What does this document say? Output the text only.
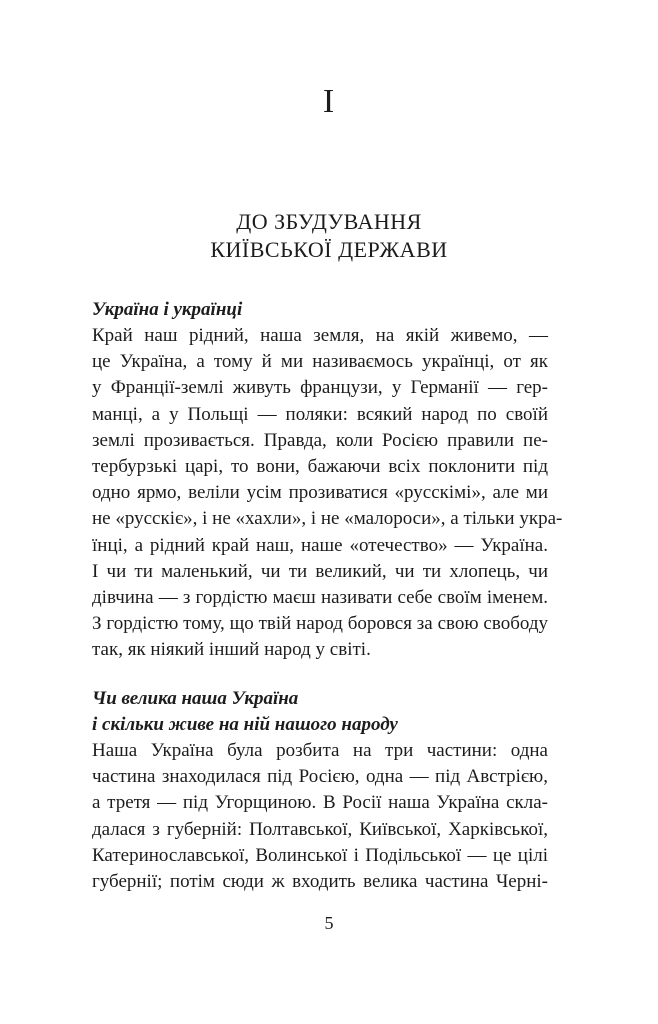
I
ДО ЗБУДУВАННЯ
КИЇВСЬКОЇ ДЕРЖАВИ
Україна і українці
Край наш рідний, наша земля, на якій живемо, —
це Україна, а тому й ми називаємось українці, от як
у Франції-землі живуть французи, у Германії — гер-
манці, а у Польщі — поляки: всякий народ по своїй
землі прозивається. Правда, коли Росією правили пе-
тербурзькі царі, то вони, бажаючи всіх поклонити під
одно ярмо, веліли усім прозиватися «русскімі», але ми
не «русскіє», і не «хахли», і не «малороси», а тільки укра-
їнці, а рідний край наш, наше «отечество» — Україна.
І чи ти маленький, чи ти великий, чи ти хлопець, чи
дівчина — з гордістю маєш називати себе своїм іменем.
З гордістю тому, що твій народ боровся за свою свободу
так, як ніякий інший народ у світі.
Чи велика наша Україна
і скільки живе на ній нашого народу
Наша Україна була розбита на три частини: одна
частина знаходилася під Росією, одна — під Австрією,
а третя — під Угорщиною. В Росії наша Україна скла-
далася з губерній: Полтавської, Київської, Харківської,
Катеринославської, Волинської і Подільської — це цілі
губернії; потім сюди ж входить велика частина Черні-
5
